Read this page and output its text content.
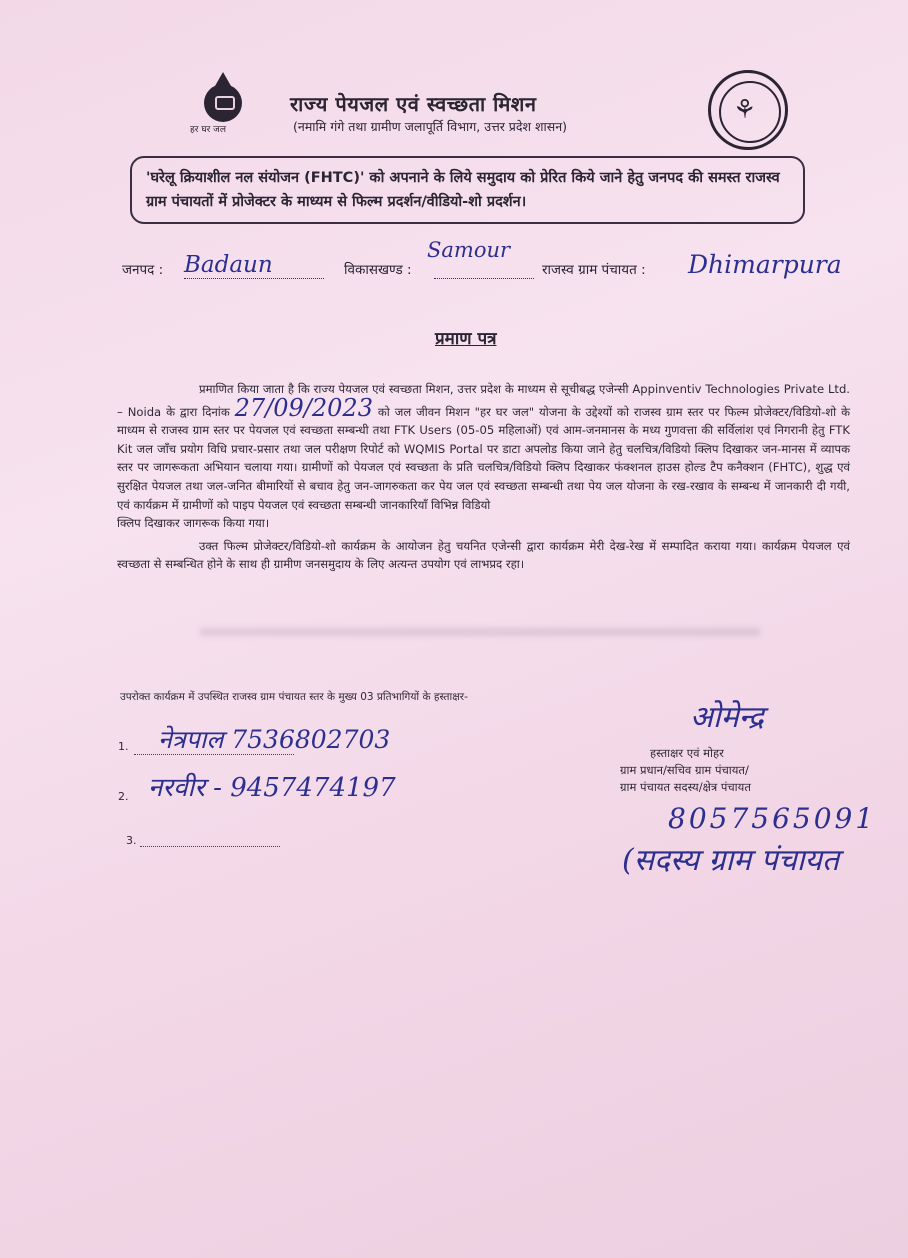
हर घर जल
राज्य पेयजल एवं स्वच्छता मिशन
(नमामि गंगे तथा ग्रामीण जलापूर्ति विभाग, उत्तर प्रदेश शासन)
⚘
'घरेलू क्रियाशील नल संयोजन (FHTC)' को अपनाने के लिये समुदाय को प्रेरित किये जाने हेतु जनपद की समस्त राजस्व ग्राम पंचायतों में प्रोजेक्टर के माध्यम से फिल्म प्रदर्शन/वीडियो-शो प्रदर्शन।
जनपद : Badaun	विकासखण्ड :
Samour
राजस्व ग्राम पंचायत : Dhimarpura
प्रमाण पत्र
प्रमाणित किया जाता है कि राज्य पेयजल एवं स्वच्छता मिशन, उत्तर प्रदेश के माध्यम से सूचीबद्ध एजेन्सी Appinventiv Technologies Private Ltd. – Noida के द्वारा दिनांक 27/09/2023 को जल जीवन मिशन "हर घर जल" योजना के उद्देश्यों को राजस्व ग्राम स्तर पर फिल्म प्रोजेक्टर/विडियो-शो के माध्यम से राजस्व ग्राम स्तर पर पेयजल एवं स्वच्छता सम्बन्धी तथा FTK Users (05-05 महिलाओं) एवं आम-जनमानस के मध्य गुणवत्ता की सर्विलांश एवं निगरानी हेतु FTK Kit जल जाँच प्रयोग विधि प्रचार-प्रसार तथा जल परीक्षण रिपोर्ट को WQMIS Portal पर डाटा अपलोड किया जाने हेतु चलचित्र/विडियो क्लिप दिखाकर जन-मानस में व्यापक स्तर पर जागरूकता अभियान चलाया गया। ग्रामीणों को पेयजल एवं स्वच्छता के प्रति चलचित्र/विडियो क्लिप दिखाकर फंक्शनल हाउस होल्ड टैप कनैक्शन (FHTC), शुद्ध एवं सुरक्षित पेयजल तथा जल-जनित बीमारियों से बचाव हेतु जन-जागरुकता कर पेय जल एवं स्वच्छता सम्बन्धी तथा पेय जल योजना के रख-रखाव के सम्बन्ध में जानकारी दी गयी, एवं कार्यक्रम में ग्रामीणों को पाइप पेयजल एवं स्वच्छता सम्बन्धी जानकारियाँ विभिन्न विडियो
क्लिप दिखाकर जागरूक किया गया।
उक्त फिल्म प्रोजेक्टर/विडियो-शो कार्यक्रम के आयोजन हेतु चयनित एजेन्सी द्वारा कार्यक्रम मेरी देख-रेख में सम्पादित कराया गया। कार्यक्रम पेयजल एवं स्वच्छता से सम्बन्धित होने के साथ ही ग्रामीण जनसमुदाय के लिए अत्यन्त उपयोग एवं लाभप्रद रहा।
उपरोक्त कार्यक्रम में उपस्थित राजस्व ग्राम पंचायत स्तर के मुख्य 03 प्रतिभागियों के हस्ताक्षर-
1. नेत्रपाल 7536802703
2. नरवीर - 9457474197
3.
ओमेन्द्र
हस्ताक्षर एवं मोहर
ग्राम प्रधान/सचिव ग्राम पंचायत/
ग्राम पंचायत सदस्य/क्षेत्र पंचायत
8057565091
(सदस्य ग्राम पंचायत
